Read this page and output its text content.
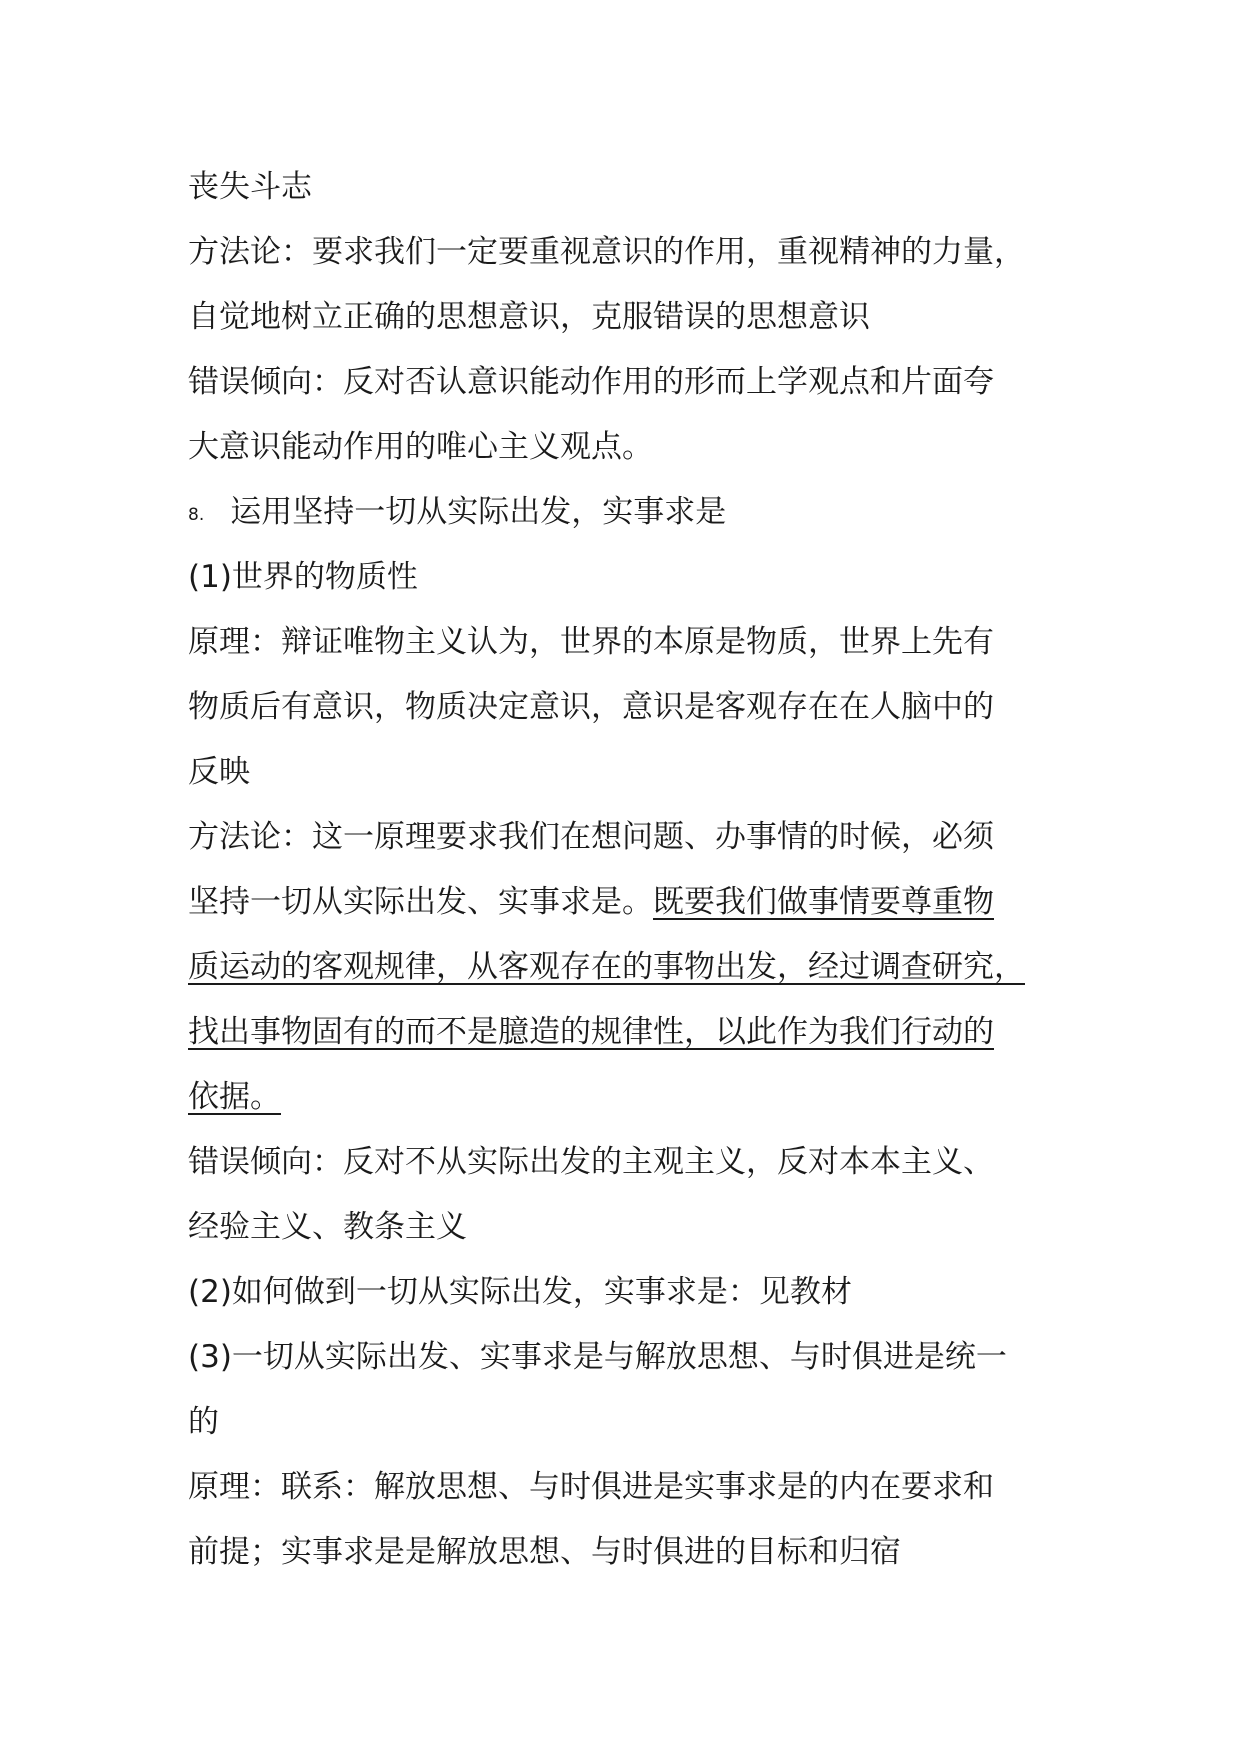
丧失斗志
方法论：要求我们一定要重视意识的作用，重视精神的力量，
自觉地树立正确的思想意识，克服错误的思想意识
错误倾向：反对否认意识能动作用的形而上学观点和片面夸
大意识能动作用的唯心主义观点。
8. 运用坚持一切从实际出发，实事求是
(1)世界的物质性
原理：辩证唯物主义认为，世界的本原是物质，世界上先有
物质后有意识，物质决定意识，意识是客观存在在人脑中的
反映
方法论：这一原理要求我们在想问题、办事情的时候，必须
坚持一切从实际出发、实事求是。既要我们做事情要尊重物
质运动的客观规律，从客观存在的事物出发，经过调查研究，
找出事物固有的而不是臆造的规律性，以此作为我们行动的
依据。
错误倾向：反对不从实际出发的主观主义，反对本本主义、
经验主义、教条主义
(2)如何做到一切从实际出发，实事求是：见教材
(3)一切从实际出发、实事求是与解放思想、与时俱进是统一
的
原理：联系：解放思想、与时俱进是实事求是的内在要求和
前提；实事求是是解放思想、与时俱进的目标和归宿
